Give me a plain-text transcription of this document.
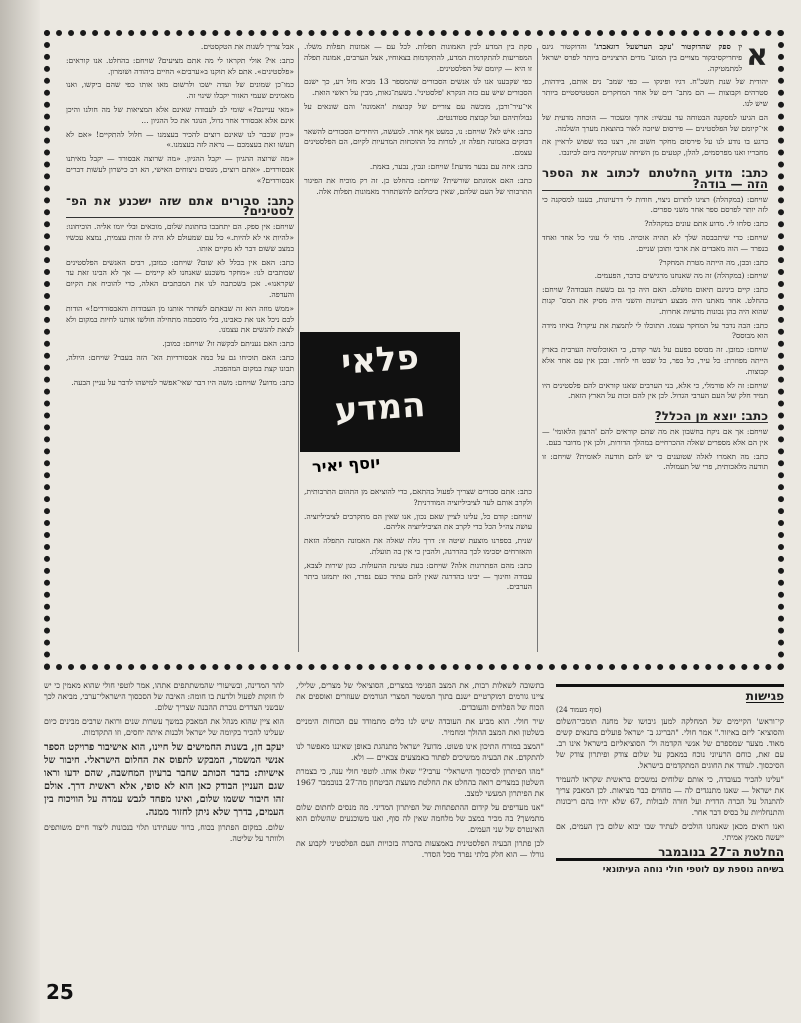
א
ין ספק שהדוקטור 'עקב הערשעל דוגאברג' והדוקטור גיגס פיחריקסיבקור מצויים בין המוע־ מדים הרציניים ביותר לפרס ישראל למתמטיקה.

יהודית של שנת תשכ"ח. דגיו ופינקו — כפי שמב־ נים אותם, בידהות, סטרהים וקבוצות — הם מתב־ דים של אחד המחקרים הסטטיסטיים ביותר שיש לנו.

הם הגיעו למסקנה הבטוחה עד עכשיו: ארוך ומעכור — הוכחה מדעית של אי־קיומם של הפלסטינים — פירסום שיזכה לאור בהוצאת מערך השלמה.

ברגע בו נודע לנו על פירסום מחקר חשוב זה, רצנו כמו שפוש לראיין את מחבריו ואנו מפרסמים, להלן, קטעים מן השיחה שנתקיימה ביום לביזנבו.

כתב: מדוע החלטתם לכתוב את הספר הזה — בודה?

שויחם: (במקהלה) רציגו לתרום ניצוי, חודות לי דרעיונות, בעננו למסקנה כי לזה יותר לפרסם ספר אחר משני ספרים.

כתב: סלחו לי. מדוע אתם עונים במקהלה?

שויחם: כדי שיתכבסה שלך לא תהיה אוכויה. מתי לי עוני כל אחד ואחד בנפרד — הוה מאבדים את ארבי ותובן שניים.

כתב: ובכן, מה הייתה מטרת המחקר?

שויחם: (במקהלה) זה מה שאנחנו מרגישים כדבר, הפעמים.

כתב: קיים בינינם תיאום מושלם. האם היה כך גם בשעת העבודה? שויחם: בהחלט. אחד מאתנו היה מבצע רעיונות והשני היה מסיק את המס־ קנות שהוא היה בהן נכונות מדעיות אחרות.

כתב: הבה נדבר על המחקר עצמו. התוכלו לי לתמצת את עיקרו? באיזו מידה הוא מבוסס?

שויחם: כמובן. זה מבוסס בפעם על נשר קודם, כי האוכלוסיה הערבית בארץ הייתה מפוזרת: כל עיר, כל כפר, כל שבט חי לחוד. ובכן אין עם אחד אלא קבוצות.

שויחם: זה לא פורמלי, כי אלא, בני הערבים שאנו קוראים להם פלסטינים היו תמיד חלק של העם הערבי הגדול. לכן אין להם זכות על הארץ הזאת.

כתב: יוצא מן הכלל?

שויחם: אך אם ניקח בחשבון את מה שהם קוראים להם 'הרצון הלאומי' — אין הם אלא מספרים שאלה ההכרחיים במהלך הדורות, ולכן אין מדובר בעם.

כתב: מה תאמרו לאלה שטוענים כי יש להם תודעה לאומית? שויחם: זו תודעה מלאכותית, פרי של תעמולה.

סקת בין המדע לבין האמונות תפלות. לכל עם — אמונות תפלות משלו. המפריעות להתקדמות המדע, להתקדמות בצאוחיו, אצל הערבים, אמונה תפלה זו היא — קיומם של הפלסטינים.

כפי שקבענו אנו לנו אנשים הסבורים שהמספר 13 מביא מזל רע, כך ישנם הסבורים שיש עם כזה הנקרא 'פלסטיני'. בשעת־גאות, מבין על ראשי הואת.

אי־עיר־ורבן, מובשה עם צוריים של קבוצות 'האמונה' והם שונאים על גבולותיהם ועל קבוצת סטודנטים.

כתב: אישׁ לא? שויחם: נו, כמעט אף אחד. למעשה, היחידים הסבורים להשאר דבוקים באמונה תפלה זו, למרות כל ההוכחות המדעיות לקיום, הם הפלסטינים עצמם.

כתב: איזה עם נבער מדעת! שויחם: ונבין, נבער, באמת.

כתב: האם אמונתם שורשית? שויחם: בהחלט כן. זה רק מוכיח את הפיגור התרבותי של העם שלהם, שאין ביכולתם להשתחרר מאמונות תפלות אלה.

כתב: אתם סבורים שצריך לפעול בהתאם, כדי להוציאם מן התהום התרבותית, ולקרב אותם לעד לציביליזציה המודרנית?

שויחם: קודם כל, עלינו לציין שאם נכון, אנו שאין הם מתקרבים לציביליזציה. עושה צה״ל הכל כדי לקרב את הציביליזציה אליהם.

שנית, בספרנו מוצעת שיטה זו: דרך גולה שאלה את האמונה התפלה הזאת והאזרחים יסכימו לכך בהדרגה, ולהבין כי אין בה תועלת.

כתב: מהם הפתרונות אלה? שויחם: בעת טעינת ההעולות. כגון שירות לצבא, עבודה וחינוך — יבינו בהדרגה שאין להם עתיד כעם נפרד, ואז יתמזגו ביתר הערבים.

אבל צריך לשנות את הטקסטים.

כתב: אי? אולי תקראו לי מה אתם מציעים? שויחם: בהחלט. אנו קוראים: «פלסטינים». אתם לא תוקנו ב«ערבים» החיים ביהודה ושומרון.

כמו־כן שמונים של ועדה ישכו ולרשום מאו אותו כפי שהם ביקשו, ואנו מאמינים שעמי האזור יקבלו שינוי זה.

«מאי עניינם?» שומי לב לעבודה שאינם אלא המציאות של מה חולנו והיכן אינם אלא אבסורד אחר גדול, הנוגד את כל ההגיון ...

«כיון שכבר לנו שאינם רוצים להכיר בעצמנו — חלול להתקיים! «אם לא תעשו זאת בעצמכם — נראה לזה בעצמנו.»

«מה שרוצה ההגיון — יקבל ההגיון. «מה שרוצה אבסורד — יקבל מאיתנו אבסורדים. «אתם רוצים, מנסים ניצוחים האישי, הא רב כישרון לעשות דברים אבסורדים?»

כתב: סבורים אתם שזה ישכנע את הפ־ לסטינים?

שויחם: אין ספק. הם יתחבבו בחתונת שלום, מוכאים ובלי יומו אליה. הוכיחונו: «להיות אי לא להיות.» כל עם שמעולם לא היה לו זהות עצמית, נמצא עכשיו במצב ששום דבר לא מקיים אותו.

כתב: האם אין בכלל לא שום? שויחם: כמובן, רבים האנשים הפלסטינים שכותבים לנו: «מחקר משכנע שאנחנו לא קיימים — אך לא הבינו זאת עד שקראנו». אכן בשכתבה לנו את המכתבים האלה, כדי להוכיח את הקיום והעדפה.

«ממש מוזה הוא זה שבאתם לשחרר אותנו מן העבודות והאבסורדים!» הודות לכם ניכל אנו את כאבינו, בלי מוסכמה מתחילה חולשו אותנו לחיות במקום ולא לצאת להגשים את עצמנו.

כתב: האם נעניתם לבקשה זו? שויחם: כמובן.

כתב: האם תוכיחו גם על כמה אבסורדיות הא־ הזה בעבר? שויחם: היולה, תבונו קצת במקום המהפכה.

כתב: מדוע? שויחם: משה היו דבר שאי־אפשר למישהו לדבר על עניין הבעה.	פלאי
המדע
יוסף יאיר
פגישות
(סוף מעמוד 24)

קי־וראש' הקיימים של המחלקה למען גיבושו של מחנה תומכי־השלום והסוציא־ ליזם באיזור." אמר חולי. "הבריגג ב־ ישראל פועלים בתנאים קשים מאוד. מצער שמספרם של אנשי הקדמה ול־ הסוציאליזם בישראל אינו רב. עם זאת, כוחם הרעיוני נוכח במאבק על שלום צודק ופיתרון צודק של הסיכסוך. לעודד את החוגים המתקדמים בישראל.

"עלינו להכיר בעובדה, כי אותם שלוחים נמשכים בראשית שקראו להעמיד את ישראל — שאנו מתנגדים לה — מהווים כבר מציאות. לכן המאבק צריך להתנהל על הכרה הדדית ועל חזרה לגבולות ,67 שלא יהיו בהם ריבונות והתנחלויות על בסיס דבר אחר.

ואנו רואים מכאן שאנחנו הולכים לעתיד שבו יבוא שלום בין העמים, אם ייעשה מאמץ אמיתי.

החלטת ה־27 בנובמבר
בשיחה נוספת עם לוטפי חולי נוחה העיתונאי

בתשובה לשאלות רבות, את המצב הפנימי במצרים, הסוציאלי של מצרים, שלילי, ציינו גורמים דמוקרטיים ישנם בתוך המשטר המצרי הגורמים שעוזרים ואוספים את הכוח של הפלחים והעובדים.

שיר חולי. הוא מביע את העובדה שיש לנו כלים מתמודד עם הכוחות הימניים בשלטון ואת המצב ההולך ומחמיר.

"המצב במזרח התיכון אינו פשוט. מדוע? ישראל מתנהגת באופן שאיננו מאפשר לנו להתקדם. את הבעיה ממשיכים לפתור באמצעים צבאיים — ולא.

"מהו הפיתרון לסיכסוך הישראלי־ ערבי?" שאלו אותו. לוטפי חולי ענה, כי בצמרת השלטון במצרים רואה בהחלט את החלטת מועצת הביטחון מה־27 בנובמבר 1967 את הפיתרון המעשי למצב.

"אנו מעדיפים על קידום ההתפתחות של הפיתרון המדיני. מה מנסים לחתום שלום מתמשך? בה מכיר במצב של מלחמה שאין לה סוף, ואנו משוכנעים שהשלום הוא האינטרס של שני העמים.

לכן פתרון הבעיה הפלסטינית באמצעות בהכרה בזכויות העם הפלסטיני לקבוע את גורלו — הוא חלק בלתי נפרד מכל הסדר.

להר המדינה, ובשיעורי שהמשתתפים אתהו, אמר לוטפי חולי שהוא מאמין כי יש לו חזקות לפעול ולדעת בו חומה: האיבה של הסכסוך הישראלי־ערבי, מביאה לכך שבשני הצדדים גוברת ההבנה שצריך שלום.

הוא ציין שהוא מנהל את המאבק במשך עשרות שנים ורואה שרבים מבינים כיום שעלינו להכיר בקיומה של ישראל ולבנות איתה יחסים, וזו התקדמות.

יעקב חן, בשנות החמישים של חיינו, הוא אישיבור פרויקט הספר אנשי המשמר, המבקש לתפוס את החלום הישראלי. חיבור של אישיות: בדבר הכותב שחבר ברעיון המחשבה, שהם ידעו וראו שגם העניין הבודק כאן הוא לא סופי, אלא ראשית דרך. אולם זהו חיבור ששמו שלום, ואינו מפחד לגבש עמדה על הוויכוח בין העמים, בדרך שלא ניתן לחזור ממנה.

שלום. במקום הפתרון בכוח, ברור שעתידנו תלוי בנכונות ליצור חיים משותפים ולוותר על שליטה.

25
